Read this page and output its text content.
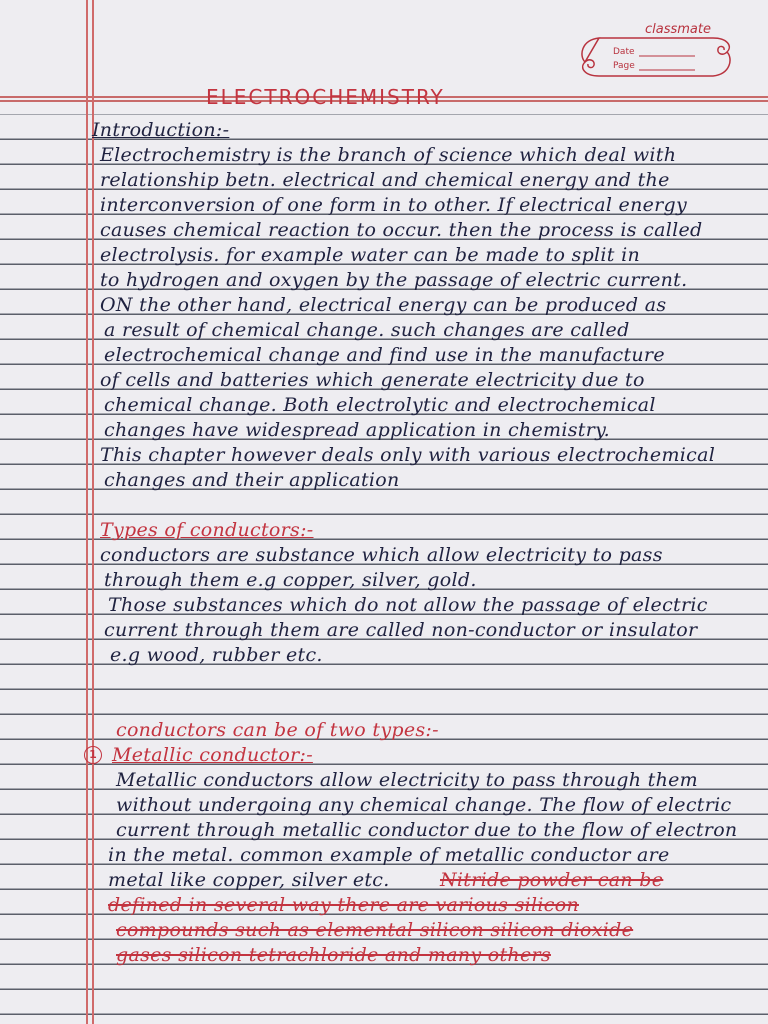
classmate
Date
Page
ELECTROCHEMISTRY
Introduction:-
Electrochemistry is the branch of science which deal with
relationship betn. electrical and chemical energy and the
interconversion of one form in to other. If electrical energy
causes chemical reaction to occur. then the process is called
electrolysis. for example water can be made to split in
to hydrogen and oxygen by the passage of electric current.
ON the other hand, electrical energy can be produced as
a result of chemical change. such changes are called
electrochemical change and find use in the manufacture
of cells and batteries which generate electricity due to
chemical change. Both electrolytic and electrochemical
changes have widespread application in chemistry.
This chapter however deals only with various electrochemical
changes and their application
Types of conductors:-
conductors are substance which allow electricity to pass
through them e.g copper, silver, gold.
Those substances which do not allow the passage of electric
current through them are called non-conductor or insulator
e.g wood, rubber etc.
conductors can be of two types:-
1 Metallic conductor:-
Metallic conductors allow electricity to pass through them
without undergoing any chemical change. The flow of electric
current through metallic conductor due to the flow of electron
in the metal. common example of metallic conductor are
metal like copper, silver etc.	Nitride powder can be
defined in several way there are various silicon
compounds such as elemental silicon silicon dioxide
gases silicon tetrachloride and many others
